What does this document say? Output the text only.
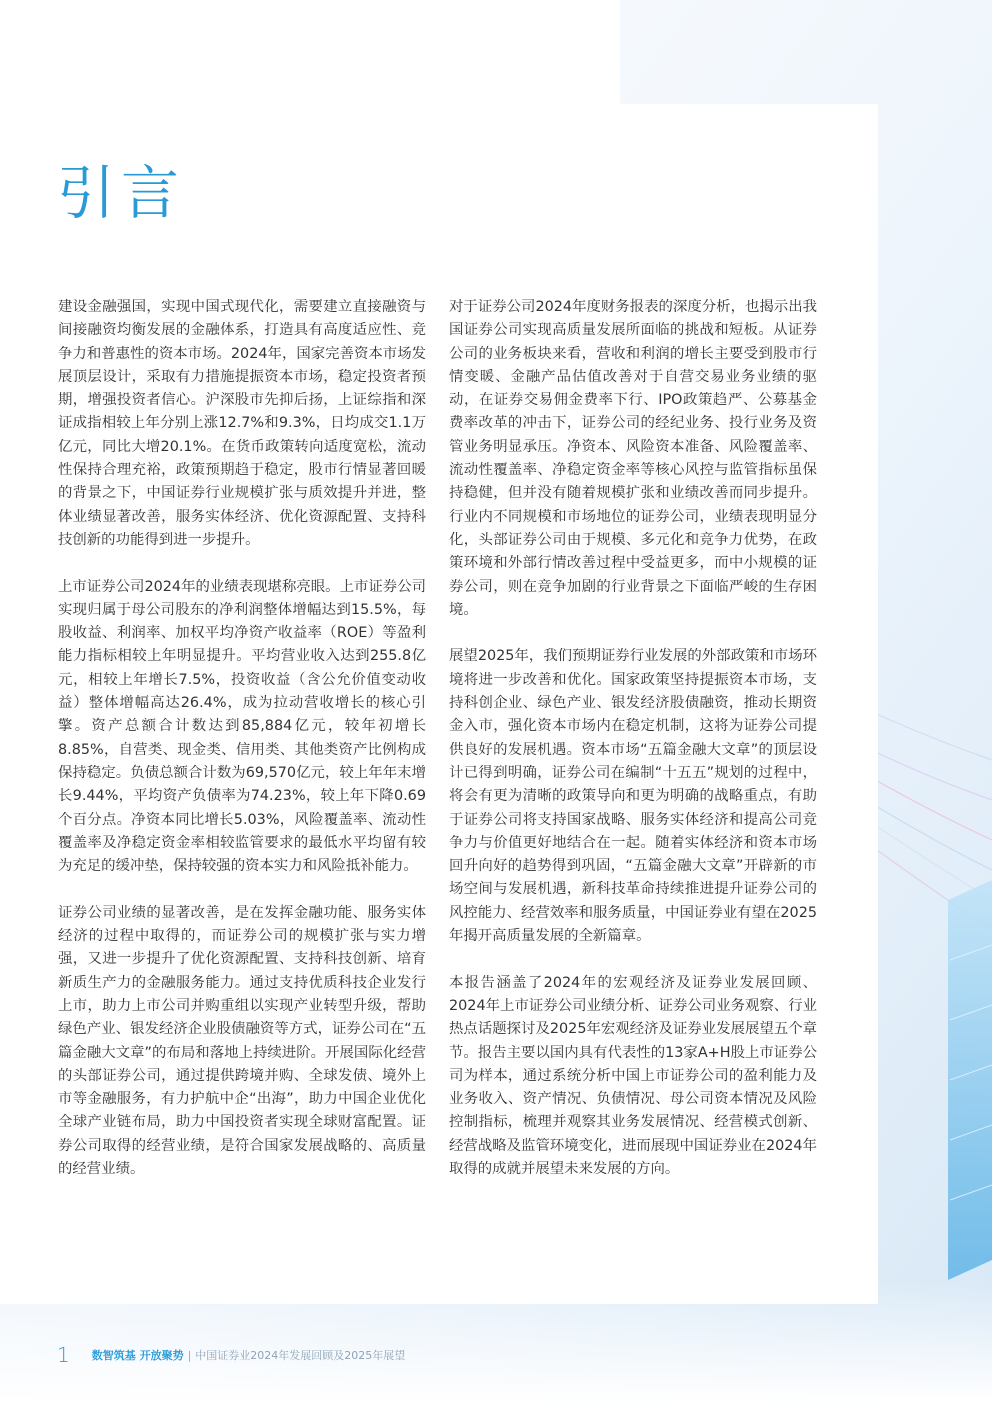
引言

建设金融强国，实现中国式现代化，需要建立直接融资与间接融资均衡发展的金融体系，打造具有高度适应性、竞争力和普惠性的资本市场。2024年，国家完善资本市场发展顶层设计，采取有力措施提振资本市场，稳定投资者预期，增强投资者信心。沪深股市先抑后扬，上证综指和深证成指相较上年分别上涨12.7%和9.3%，日均成交1.1万亿元，同比大增20.1%。在货币政策转向适度宽松，流动性保持合理充裕，政策预期趋于稳定，股市行情显著回暖的背景之下，中国证券行业规模扩张与质效提升并进，整体业绩显著改善，服务实体经济、优化资源配置、支持科技创新的功能得到进一步提升。

上市证券公司2024年的业绩表现堪称亮眼。上市证券公司实现归属于母公司股东的净利润整体增幅达到15.5%，每股收益、利润率、加权平均净资产收益率（ROE）等盈利能力指标相较上年明显提升。平均营业收入达到255.8亿元，相较上年增长7.5%，投资收益（含公允价值变动收益）整体增幅高达26.4%，成为拉动营收增长的核心引擎。资产总额合计数达到85,884亿元，较年初增长8.85%，自营类、现金类、信用类、其他类资产比例构成保持稳定。负债总额合计数为69,570亿元，较上年年末增长9.44%，平均资产负债率为74.23%，较上年下降0.69个百分点。净资本同比增长5.03%，风险覆盖率、流动性覆盖率及净稳定资金率相较监管要求的最低水平均留有较为充足的缓冲垫，保持较强的资本实力和风险抵补能力。

证券公司业绩的显著改善，是在发挥金融功能、服务实体经济的过程中取得的，而证券公司的规模扩张与实力增强，又进一步提升了优化资源配置、支持科技创新、培育新质生产力的金融服务能力。通过支持优质科技企业发行上市，助力上市公司并购重组以实现产业转型升级，帮助绿色产业、银发经济企业股债融资等方式，证券公司在“五篇金融大文章”的布局和落地上持续进阶。开展国际化经营的头部证券公司，通过提供跨境并购、全球发债、境外上市等金融服务，有力护航中企“出海”，助力中国企业优化全球产业链布局，助力中国投资者实现全球财富配置。证券公司取得的经营业绩，是符合国家发展战略的、高质量的经营业绩。

对于证券公司2024年度财务报表的深度分析，也揭示出我国证券公司实现高质量发展所面临的挑战和短板。从证券公司的业务板块来看，营收和利润的增长主要受到股市行情变暖、金融产品估值改善对于自营交易业务业绩的驱动，在证券交易佣金费率下行、IPO政策趋严、公募基金费率改革的冲击下，证券公司的经纪业务、投行业务及资管业务明显承压。净资本、风险资本准备、风险覆盖率、流动性覆盖率、净稳定资金率等核心风控与监管指标虽保持稳健，但并没有随着规模扩张和业绩改善而同步提升。行业内不同规模和市场地位的证券公司，业绩表现明显分化，头部证券公司由于规模、多元化和竞争力优势，在政策环境和外部行情改善过程中受益更多，而中小规模的证券公司，则在竞争加剧的行业背景之下面临严峻的生存困境。

展望2025年，我们预期证券行业发展的外部政策和市场环境将进一步改善和优化。国家政策坚持提振资本市场，支持科创企业、绿色产业、银发经济股债融资，推动长期资金入市，强化资本市场内在稳定机制，这将为证券公司提供良好的发展机遇。资本市场“五篇金融大文章”的顶层设计已得到明确，证券公司在编制“十五五”规划的过程中，将会有更为清晰的政策导向和更为明确的战略重点，有助于证券公司将支持国家战略、服务实体经济和提高公司竞争力与价值更好地结合在一起。随着实体经济和资本市场回升向好的趋势得到巩固，“五篇金融大文章”开辟新的市场空间与发展机遇，新科技革命持续推进提升证券公司的风控能力、经营效率和服务质量，中国证券业有望在2025年揭开高质量发展的全新篇章。

本报告涵盖了2024年的宏观经济及证券业发展回顾、2024年上市证券公司业绩分析、证券公司业务观察、行业热点话题探讨及2025年宏观经济及证券业发展展望五个章节。报告主要以国内具有代表性的13家A+H股上市证券公司为样本，通过系统分析中国上市证券公司的盈利能力及业务收入、资产情况、负债情况、母公司资本情况及风险控制指标，梳理并观察其业务发展情况、经营模式创新、经营战略及监管环境变化，进而展现中国证券业在2024年取得的成就并展望未来发展的方向。

1 数智筑基 开放聚势 | 中国证券业2024年发展回顾及2025年展望
